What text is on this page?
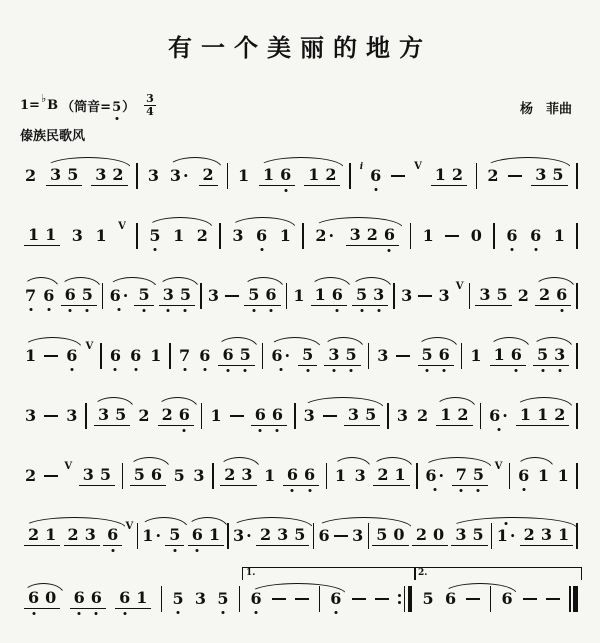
有一个美丽的地方
1= ♭ B （筒音=5
） $\frac{3}{4}$	杨　菲曲
傣族民歌风
2 3 5 3 2 3 3 · 2 1 1 6 1 2	i 6	V 1 2 2 3 5
1 1 3 1 V 5 1 2 3 6 1 2 · 3 2 6 1 0 6 6 1
7 6 6 5 6 · 5 3 5 3 5 6 1 1 6 5 3 3 3 V 3 5 2 2 6
1 6 V 6 6 1 7 6 6 5 6 · 5 3 5 3 5 6 1 1 6 5 3
3 3 3 5 2 2 6 1 6 6 3 3 5 3 2 1 2 6 · 1 1 2
2	V 3 5 5 6 5 3 2 3 1 6 6 1 3 2 1 6 · 7 5 V 6 1 1
2 1 2 3 6 V 1 · 5 6 1 3 · 2 3 5 6 3 5 0 2 0 3 5 1 · 2 3 1
6 0 6 6 6 1 5 3 5 6	6	5 6	6
1.	2.
